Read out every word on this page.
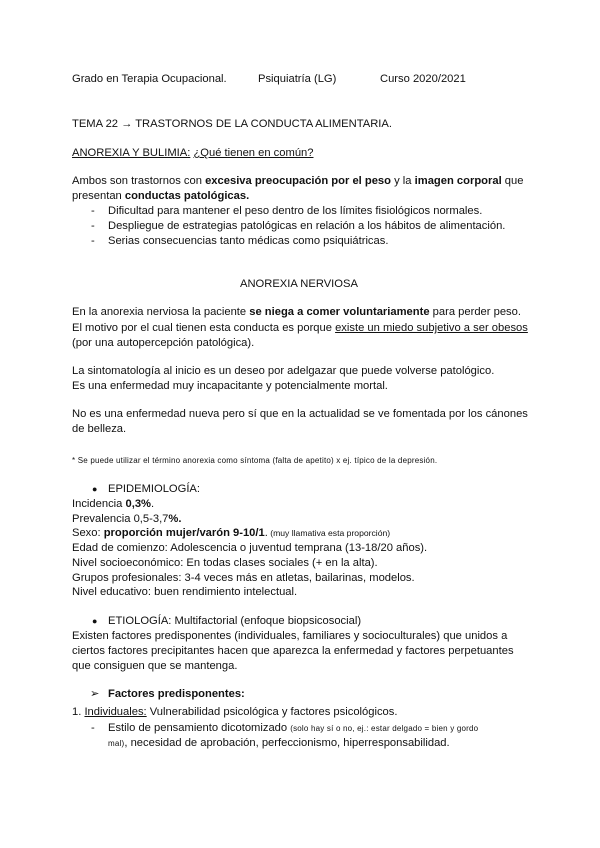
Grado en Terapia Ocupacional.	Psiquiatría (LG)	Curso 2020/2021
TEMA 22 → TRASTORNOS DE LA CONDUCTA ALIMENTARIA.
ANOREXIA Y BULIMIA: ¿Qué tienen en común?
Ambos son trastornos con excesiva preocupación por el peso y la imagen corporal que
presentan conductas patológicas.
- Dificultad para mantener el peso dentro de los límites fisiológicos normales.
- Despliegue de estrategias patológicas en relación a los hábitos de alimentación.
- Serias consecuencias tanto médicas como psiquiátricas.
ANOREXIA NERVIOSA
En la anorexia nerviosa la paciente se niega a comer voluntariamente para perder peso.
El motivo por el cual tienen esta conducta es porque existe un miedo subjetivo a ser obesos
(por una autopercepción patológica).
La sintomatología al inicio es un deseo por adelgazar que puede volverse patológico.
Es una enfermedad muy incapacitante y potencialmente mortal.
No es una enfermedad nueva pero sí que en la actualidad se ve fomentada por los cánones
de belleza.
* Se puede utilizar el término anorexia como síntoma (falta de apetito) x ej. típico de la depresión.
● EPIDEMIOLOGÍA:
Incidencia 0,3%.
Prevalencia 0,5-3,7%.
Sexo: proporción mujer/varón 9-10/1. (muy llamativa esta proporción)
Edad de comienzo: Adolescencia o juventud temprana (13-18/20 años).
Nivel socioeconómico: En todas clases sociales (+ en la alta).
Grupos profesionales: 3-4 veces más en atletas, bailarinas, modelos.
Nivel educativo: buen rendimiento intelectual.
● ETIOLOGÍA: Multifactorial (enfoque biopsicosocial)
Existen factores predisponentes (individuales, familiares y socioculturales) que unidos a
ciertos factores precipitantes hacen que aparezca la enfermedad y factores perpetuantes
que consiguen que se mantenga.
➢ Factores predisponentes:
1. Individuales: Vulnerabilidad psicológica y factores psicológicos.
- Estilo de pensamiento dicotomizado (solo hay sí o no, ej.: estar delgado = bien y gordo
mal), necesidad de aprobación, perfeccionismo, hiperresponsabilidad.
